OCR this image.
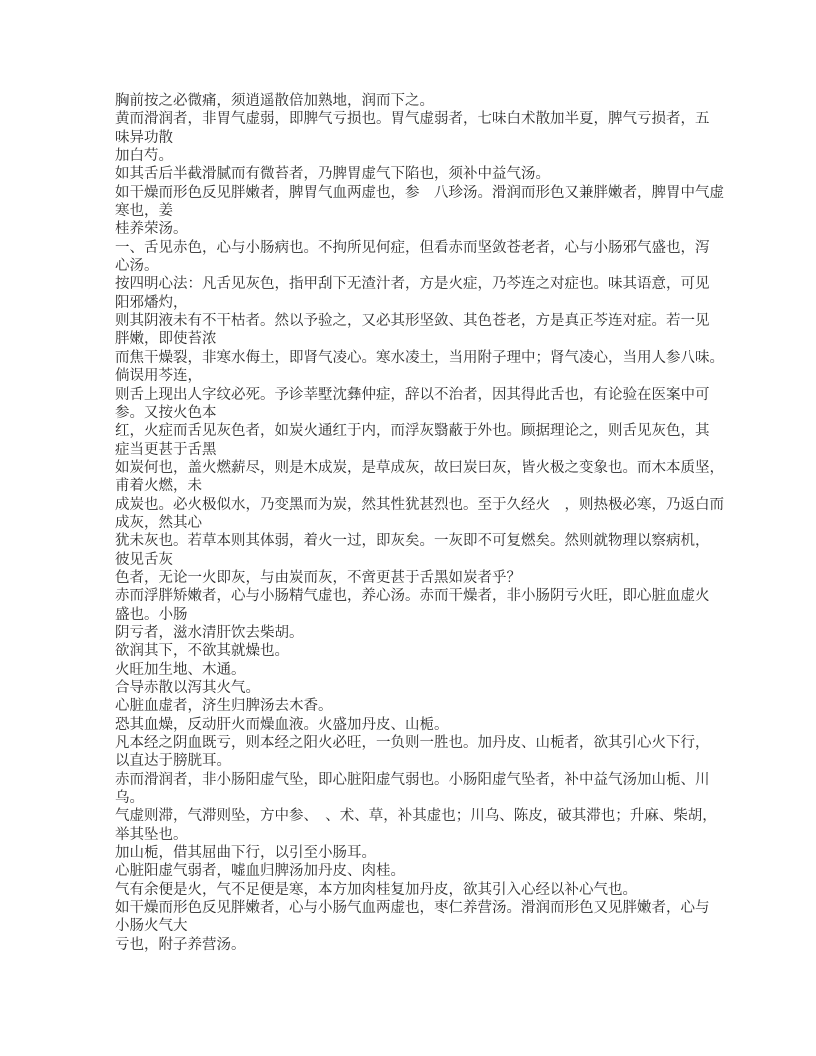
胸前按之必微痛，须逍遥散倍加熟地，润而下之。
黄而滑润者，非胃气虚弱，即脾气亏损也。胃气虚弱者，七味白术散加半夏，脾气亏损者，五
味异功散
加白芍。
如其舌后半截滑腻而有微苔者，乃脾胃虚气下陷也，须补中益气汤。
如干燥而形色反见胖嫩者，脾胃气血两虚也，参　八珍汤。滑润而形色又兼胖嫩者，脾胃中气虚
寒也，姜
桂养荣汤。
一、舌见赤色，心与小肠病也。不拘所见何症，但看赤而坚敛苍老者，心与小肠邪气盛也，泻
心汤。
按四明心法：凡舌见灰色，指甲刮下无渣汁者，方是火症，乃芩连之对症也。味其语意，可见
阳邪燔灼，
则其阴液未有不干枯者。然以予验之，又必其形坚敛、其色苍老，方是真正芩连对症。若一见
胖嫩，即使苔浓
而焦干燥裂，非寒水侮土，即肾气凌心。寒水凌土，当用附子理中；肾气凌心，当用人参八味。
倘误用芩连，
则舌上现出人字纹必死。予诊莘墅沈彝仲症，辞以不治者，因其得此舌也，有论验在医案中可
参。又按火色本
红，火症而舌见灰色者，如炭火通红于内，而浮灰翳蔽于外也。顾据理论之，则舌见灰色，其
症当更甚于舌黑
如炭何也，盖火燃薪尽，则是木成炭，是草成灰，故曰炭曰灰，皆火极之变象也。而木本质坚，
甫着火燃，未
成炭也。必火极似水，乃变黑而为炭，然其性犹甚烈也。至于久经火　，则热极必寒，乃返白而
成灰，然其心
犹未灰也。若草本则其体弱，着火一过，即灰矣。一灰即不可复燃矣。然则就物理以察病机，
彼见舌灰
色者，无论一火即灰，与由炭而灰，不啻更甚于舌黑如炭者乎？
赤而浮胖矫嫩者，心与小肠精气虚也，养心汤。赤而干燥者，非小肠阴亏火旺，即心脏血虚火
盛也。小肠
阴亏者，滋水清肝饮去柴胡。
欲润其下，不欲其就燥也。
火旺加生地、木通。
合导赤散以泻其火气。
心脏血虚者，济生归脾汤去木香。
恐其血燥，反动肝火而燥血液。火盛加丹皮、山栀。
凡本经之阴血既亏，则本经之阳火必旺，一负则一胜也。加丹皮、山栀者，欲其引心火下行，
以直达于膀胱耳。
赤而滑润者，非小肠阳虚气坠，即心脏阳虚气弱也。小肠阳虚气坠者，补中益气汤加山栀、川
乌。
气虚则滞，气滞则坠，方中参、　、术、草，补其虚也；川乌、陈皮，破其滞也；升麻、柴胡，
举其坠也。
加山栀，借其屈曲下行，以引至小肠耳。
心脏阳虚气弱者，嘘血归脾汤加丹皮、肉桂。
气有余便是火，气不足便是寒，本方加肉桂复加丹皮，欲其引入心经以补心气也。
如干燥而形色反见胖嫩者，心与小肠气血两虚也，枣仁养营汤。滑润而形色又见胖嫩者，心与
小肠火气大
亏也，附子养营汤。
